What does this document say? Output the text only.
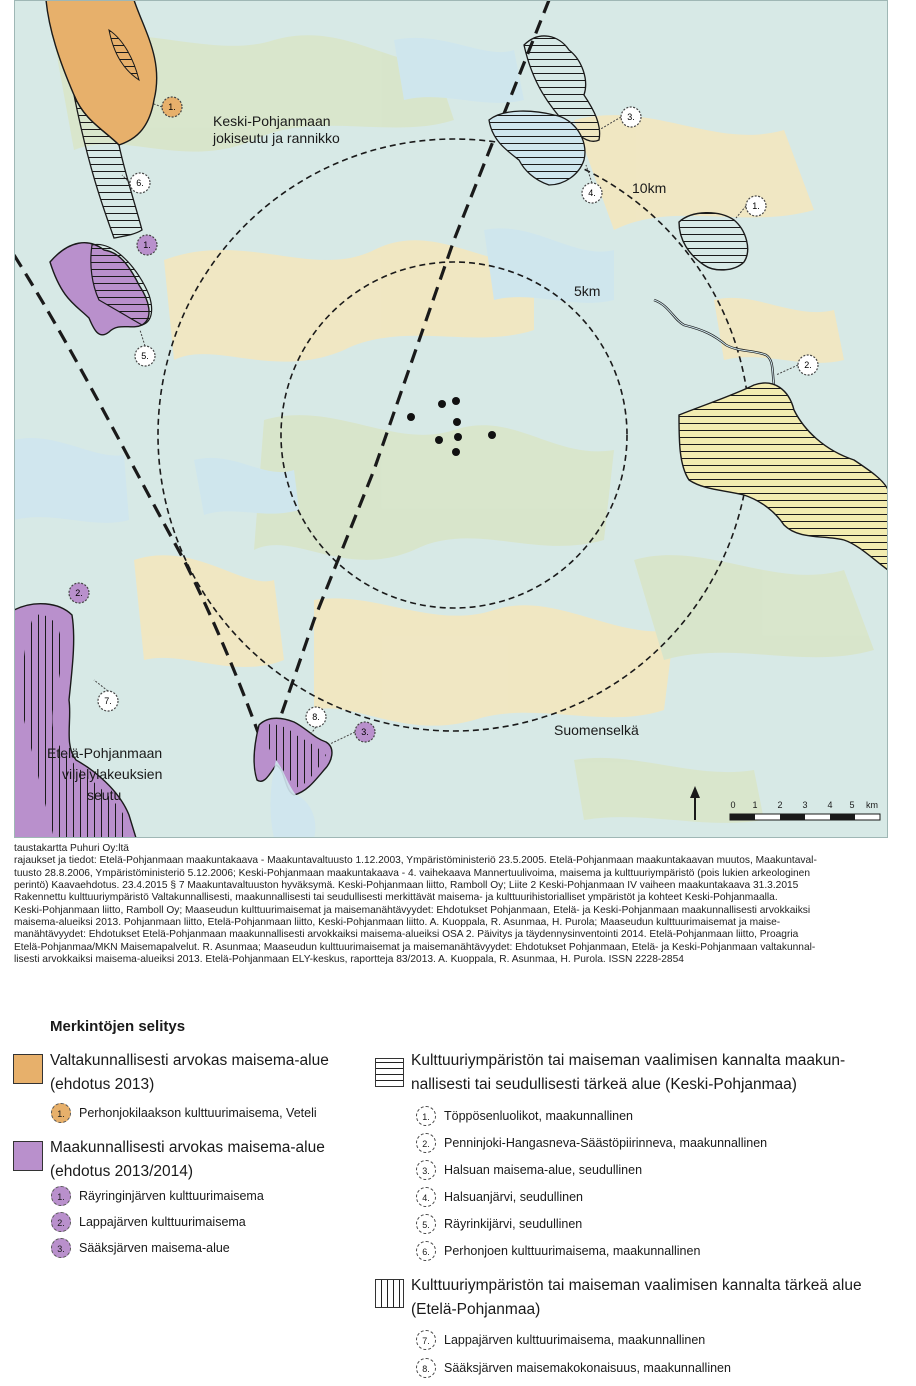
1.
6.
1.
5.
2.
7.
8.
3.
3.
4.
1.
2.
Keski-Pohjanmaan
jokiseutu ja rannikko
10km
5km
Suomenselkä
Etelä-Pohjanmaan
viljelylakeuksien
seutu
0 1 2 3 4 5 km

taustakartta Puhuri Oy:ltä

rajaukset ja tiedot: Etelä-Pohjanmaan maakuntakaava - Maakuntavaltuusto 1.12.2003, Ympäristöministeriö 23.5.2005. Etelä-Pohjanmaan maakuntakaavan muutos, Maakuntaval-

tuusto 28.8.2006, Ympäristöministeriö 5.12.2006; Keski-Pohjanmaan maakuntakaava - 4. vaihekaava Mannertuulivoima, maisema ja kulttuuriympäristö (pois lukien arkeologinen

perintö) Kaavaehdotus. 23.4.2015 § 7 Maakuntavaltuuston hyväksymä. Keski-Pohjanmaan liitto, Ramboll Oy; Liite 2 Keski-Pohjanmaan IV vaiheen maakuntakaava 31.3.2015

Rakennettu kulttuuriympäristö Valtakunnallisesti, maakunnallisesti tai seudullisesti merkittävät maisema- ja kulttuurihistorialliset ympäristöt ja kohteet Keski-Pohjanmaalla.

Keski-Pohjanmaan liitto, Ramboll Oy; Maaseudun kulttuurimaisemat ja maisemanähtävyydet: Ehdotukset Pohjanmaan, Etelä- ja Keski-Pohjanmaan maakunnallisesti arvokkaiksi

maisema-alueiksi 2013. Pohjanmaan liitto, Etelä-Pohjanmaan liitto, Keski-Pohjanmaan liitto. A. Kuoppala, R. Asunmaa, H. Purola; Maaseudun kulttuurimaisemat ja maise-

manähtävyydet: Ehdotukset Etelä-Pohjanmaan maakunnallisesti arvokkaiksi maisema-alueiksi OSA 2. Päivitys ja täydennysinventointi 2014. Etelä-Pohjanmaan liitto, Proagria

Etelä-Pohjanmaa/MKN Maisemapalvelut. R. Asunmaa; Maaseudun kulttuurimaisemat ja maisemanähtävyydet: Ehdotukset Pohjanmaan, Etelä- ja Keski-Pohjanmaan valtakunnal-

lisesti arvokkaiksi maisema-alueiksi 2013. Etelä-Pohjanmaan ELY-keskus, raportteja 83/2013. A. Kuoppala, R. Asunmaa, H. Purola. ISSN 2228-2854

Merkintöjen selitys
Valtakunnallisesti arvokas maisema-alue
(ehdotus 2013)
1.	Perhonjokilaakson kulttuurimaisema, Veteli
Maakunnallisesti arvokas maisema-alue
(ehdotus 2013/2014)
1.	Räyringinjärven kulttuurimaisema
2.	Lappajärven kulttuurimaisema
3.	Sääksjärven maisema-alue
Kulttuuriympäristön tai maiseman vaalimisen kannalta maakun-
nallisesti tai seudullisesti tärkeä alue (Keski-Pohjanmaa)
1.	Töppösenluolikot, maakunnallinen
2.	Penninjoki-Hangasneva-Säästöpiirinneva, maakunnallinen
3.	Halsuan maisema-alue, seudullinen
4.	Halsuanjärvi, seudullinen
5.	Räyrinkijärvi, seudullinen
6.	Perhonjoen kulttuurimaisema, maakunnallinen
Kulttuuriympäristön tai maiseman vaalimisen kannalta tärkeä alue
(Etelä-Pohjanmaa)
7.	Lappajärven kulttuurimaisema, maakunnallinen
8.	Sääksjärven maisemakokonaisuus, maakunnallinen
